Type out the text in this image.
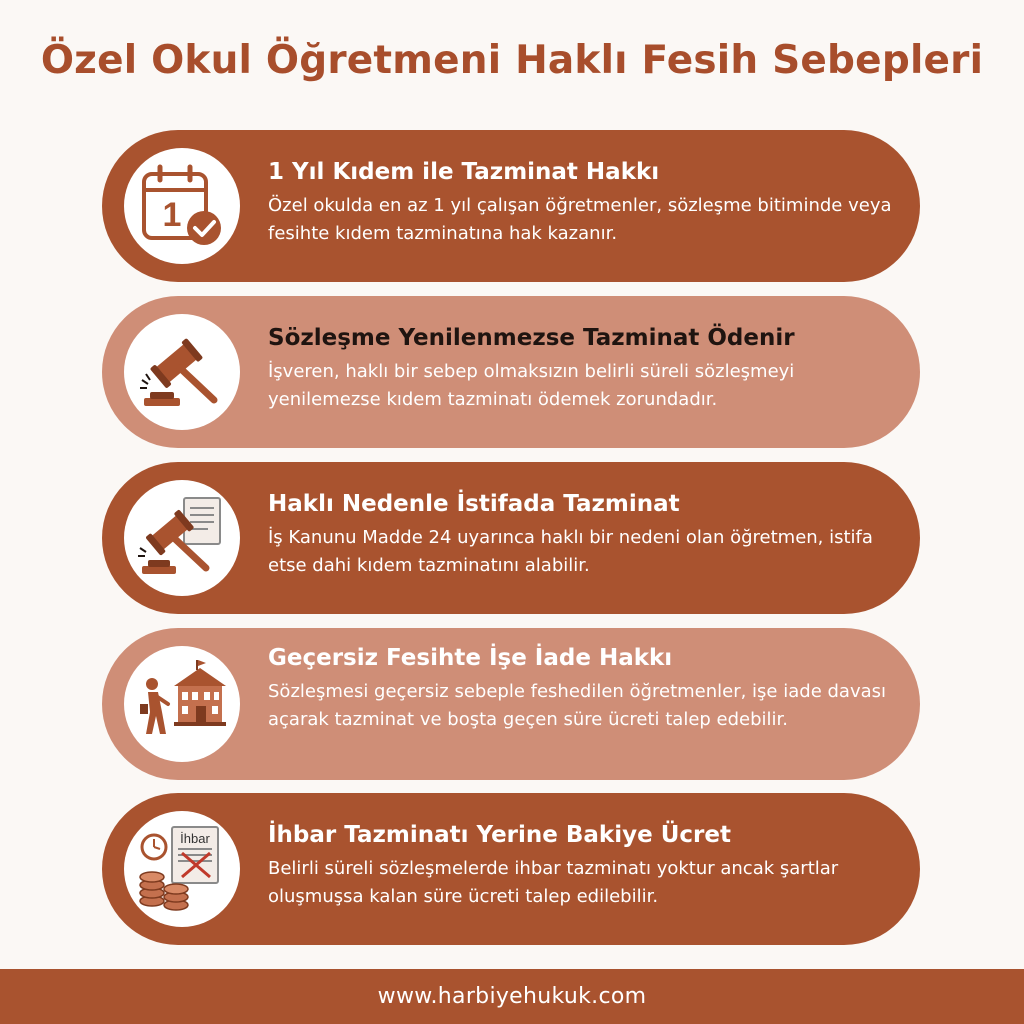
Özel Okul Öğretmeni Haklı Fesih Sebepleri
1
1 Yıl Kıdem ile Tazminat Hakkı
Özel okulda en az 1 yıl çalışan öğretmenler, sözleşme bitiminde veya fesihte kıdem tazminatına hak kazanır.
Sözleşme Yenilenmezse Tazminat Ödenir
İşveren, haklı bir sebep olmaksızın belirli süreli sözleşmeyi yenilemezse kıdem tazminatı ödemek zorundadır.
Haklı Nedenle İstifada Tazminat
İş Kanunu Madde 24 uyarınca haklı bir nedeni olan öğretmen, istifa etse dahi kıdem tazminatını alabilir.
Geçersiz Fesihte İşe İade Hakkı
Sözleşmesi geçersiz sebeple feshedilen öğretmenler, işe iade davası açarak tazminat ve boşta geçen süre ücreti talep edebilir.
İhbar	İhbar Tazminatı Yerine Bakiye Ücret
Belirli süreli sözleşmelerde ihbar tazminatı yoktur ancak şartlar oluşmuşsa kalan süre ücreti talep edilebilir.
www.harbiyehukuk.com
